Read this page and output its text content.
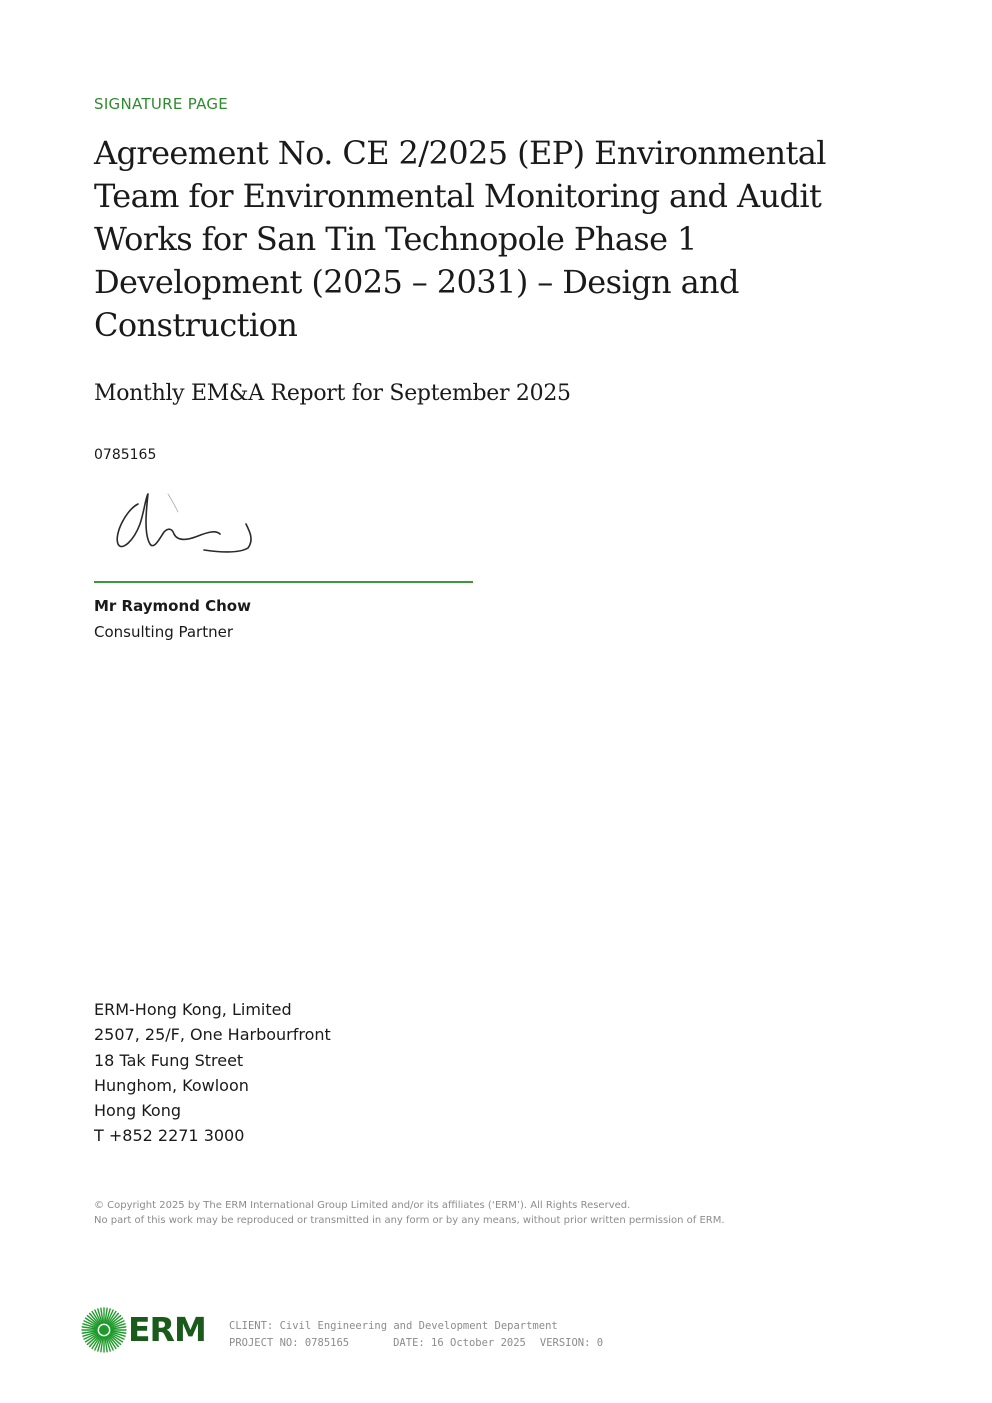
SIGNATURE PAGE
Agreement No. CE 2/2025 (EP) Environmental Team for Environmental Monitoring and Audit Works for San Tin Technopole Phase 1 Development (2025 – 2031) – Design and Construction
Monthly EM&A Report for September 2025
0785165
Mr Raymond Chow
Consulting Partner
ERM-Hong Kong, Limited
2507, 25/F, One Harbourfront
18 Tak Fung Street
Hunghom, Kowloon
Hong Kong
T +852 2271 3000
© Copyright 2025 by The ERM International Group Limited and/or its affiliates (‘ERM’). All Rights Reserved.
No part of this work may be reproduced or transmitted in any form or by any means, without prior written permission of ERM.
ERM CLIENT: Civil Engineering and Development Department
PROJECT NO: 0785165	DATE: 16 October 2025 VERSION: 0
